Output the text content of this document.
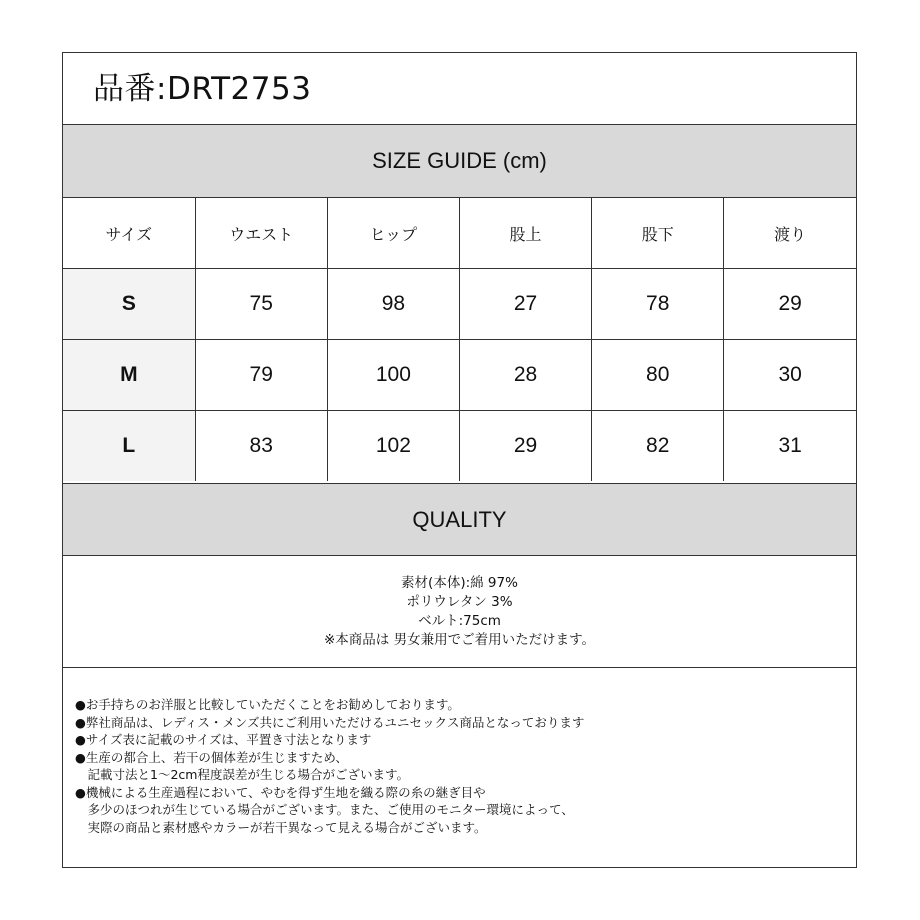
品番:DRT2753
SIZE GUIDE (cm)
サイズ	ウエスト	ヒップ	股上	股下	渡り
S	75	98	27	78	29
M	79	100	28	80	30
L	83	102	29	82	31
QUALITY
素材(本体):綿 97%
ポリウレタン 3%
ベルト:75cm
※本商品は 男女兼用でご着用いただけます。
●お手持ちのお洋服と比較していただくことをお勧めしております。
●弊社商品は、レディス・メンズ共にご利用いただけるユニセックス商品となっております
●サイズ表に記載のサイズは、平置き寸法となります
●生産の都合上、若干の個体差が生じますため、
　記載寸法と1～2cm程度誤差が生じる場合がございます。
●機械による生産過程において、やむを得ず生地を織る際の糸の継ぎ目や
　多少のほつれが生じている場合がございます。また、ご使用のモニター環境によって、
　実際の商品と素材感やカラーが若干異なって見える場合がございます。
